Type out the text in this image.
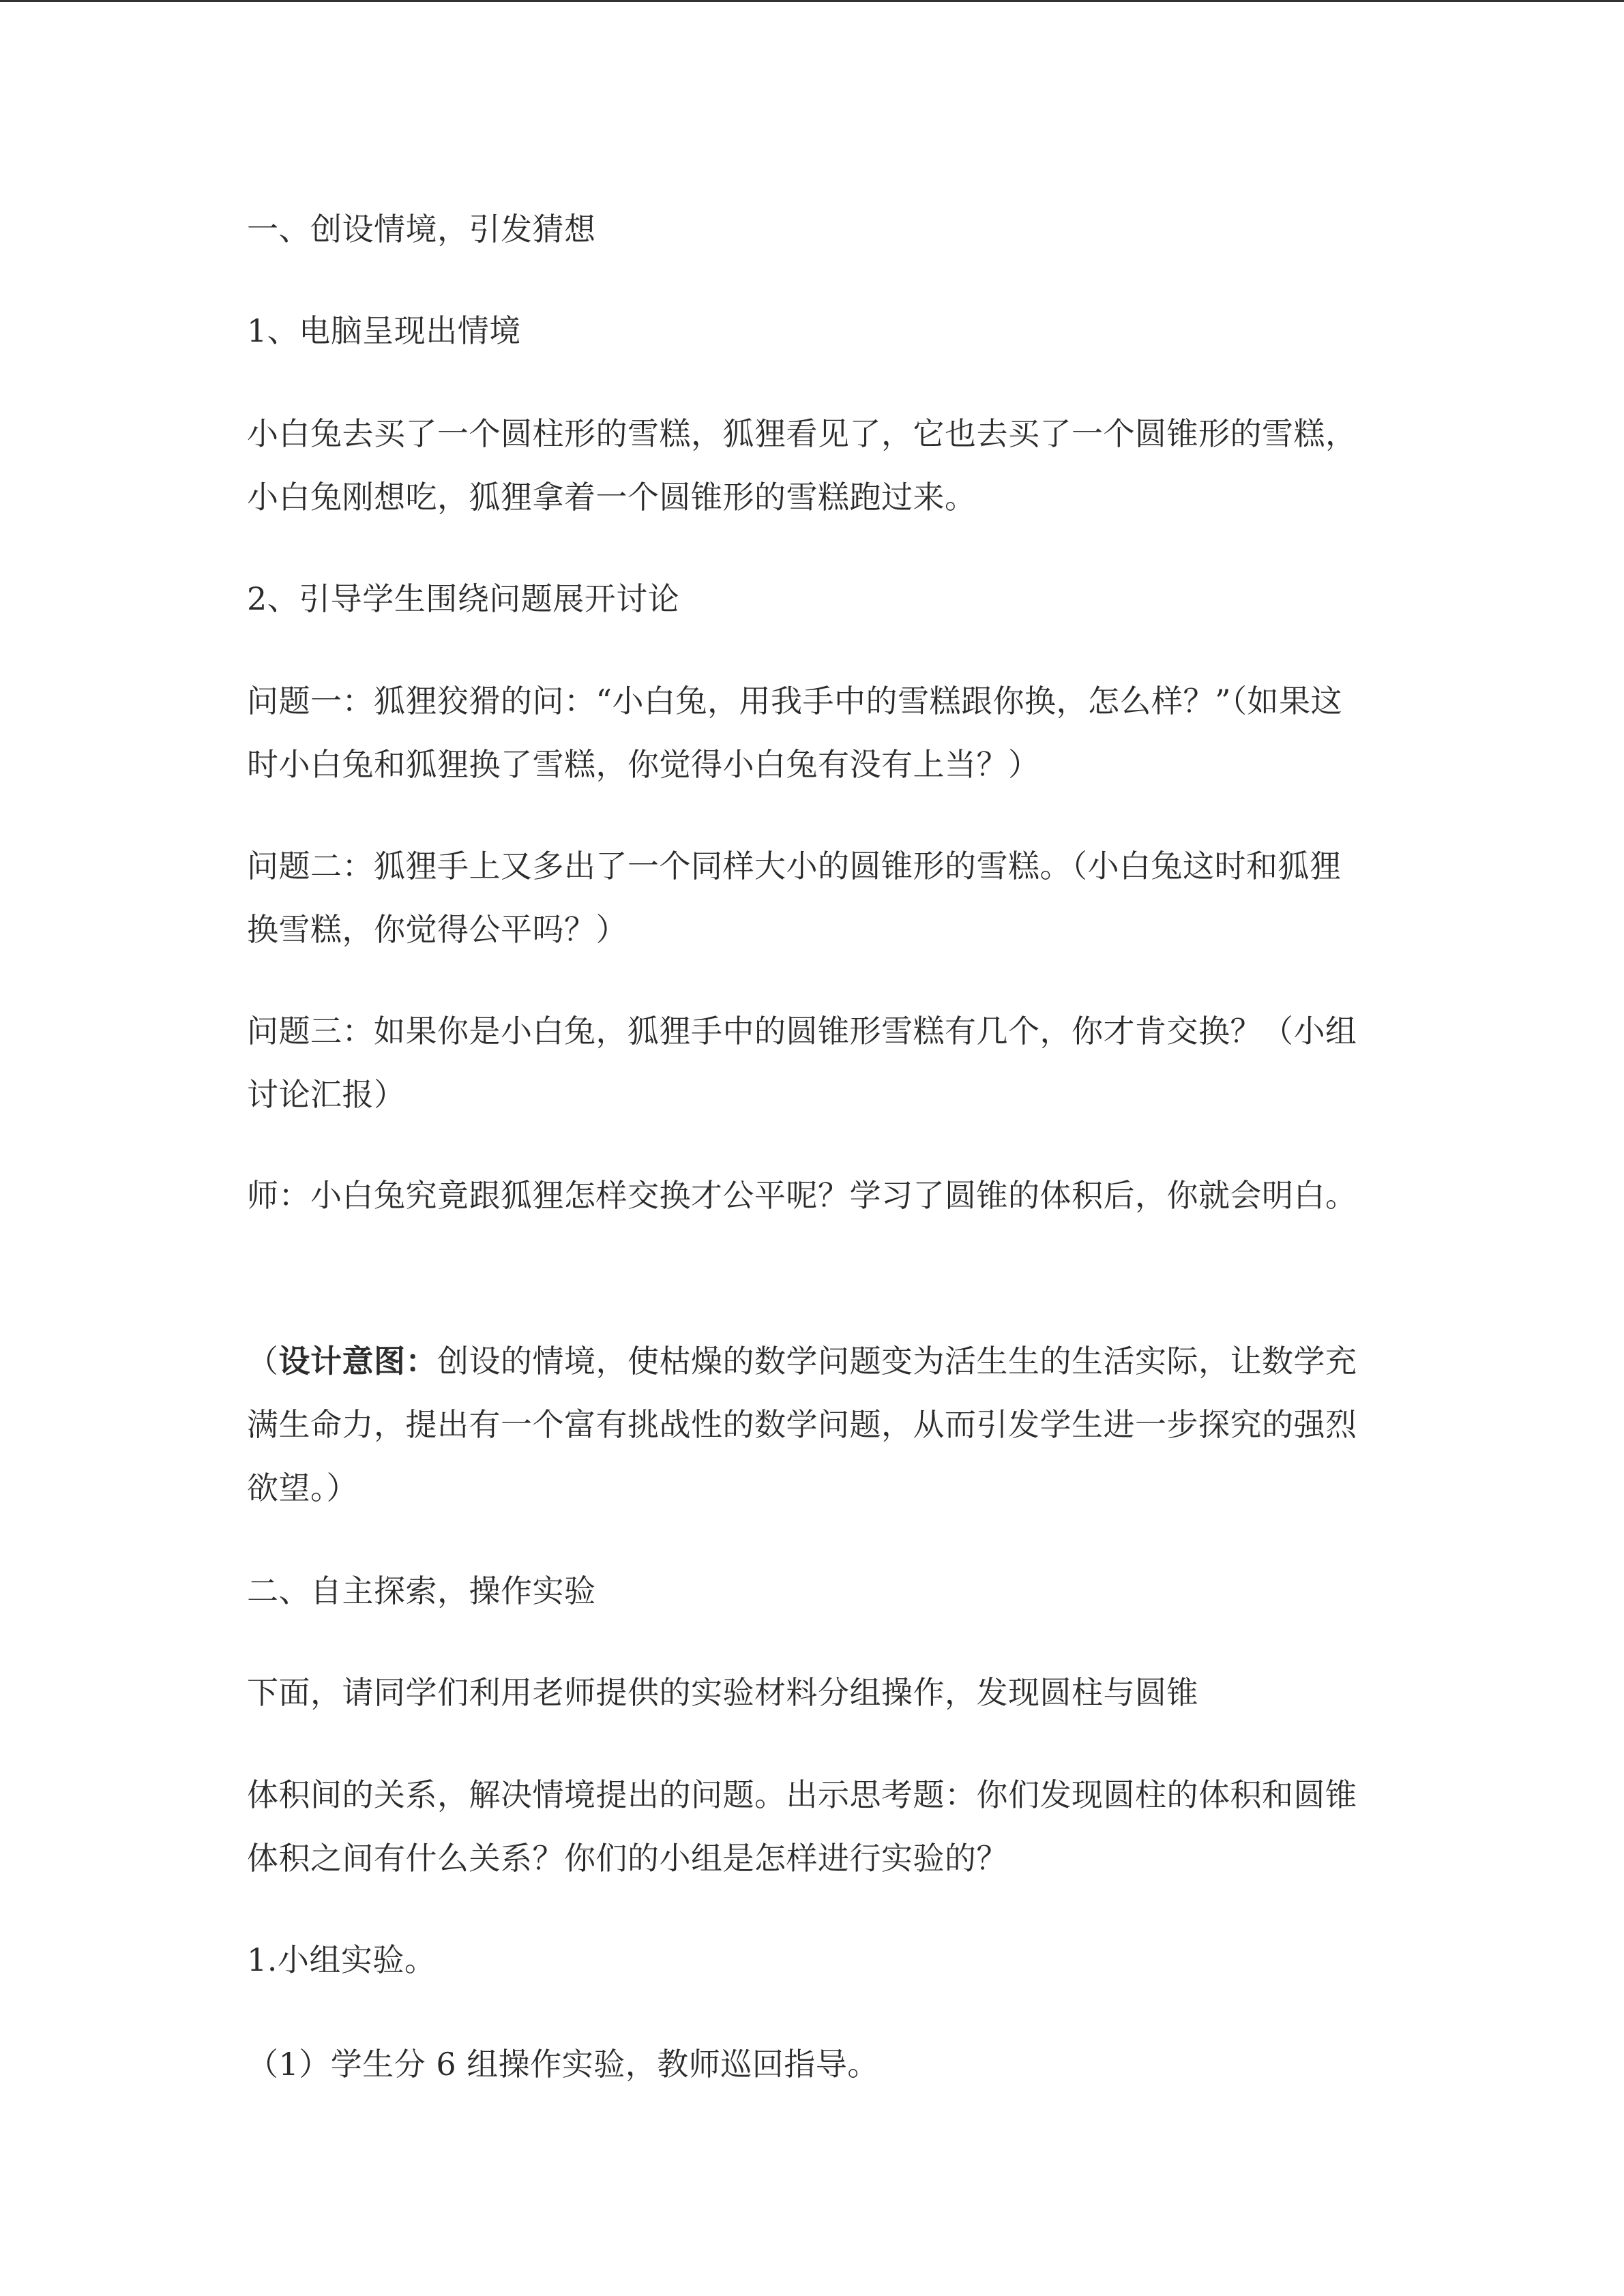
一、创设情境，引发猜想

1、电脑呈现出情境

小白兔去买了一个圆柱形的雪糕，狐狸看见了，它也去买了一个圆锥形的雪糕，小白兔刚想吃，狐狸拿着一个圆锥形的雪糕跑过来。

2、引导学生围绕问题展开讨论

问题一：狐狸狡猾的问：“小白兔，用我手中的雪糕跟你换，怎么样？”（如果这时小白兔和狐狸换了雪糕，你觉得小白兔有没有上当？）

问题二：狐狸手上又多出了一个同样大小的圆锥形的雪糕。（小白兔这时和狐狸换雪糕，你觉得公平吗？）

问题三：如果你是小白兔，狐狸手中的圆锥形雪糕有几个，你才肯交换？（小组讨论汇报）

师：小白兔究竟跟狐狸怎样交换才公平呢？学习了圆锥的体积后，你就会明白。

（设计意图：创设的情境，使枯燥的数学问题变为活生生的生活实际，让数学充满生命力，提出有一个富有挑战性的数学问题，从而引发学生进一步探究的强烈欲望。）

二、自主探索，操作实验

下面，请同学们利用老师提供的实验材料分组操作，发现圆柱与圆锥

体积间的关系，解决情境提出的问题。出示思考题：你们发现圆柱的体积和圆锥体积之间有什么关系？你们的小组是怎样进行实验的？

1.小组实验。

（1）学生分 6 组操作实验，教师巡回指导。
